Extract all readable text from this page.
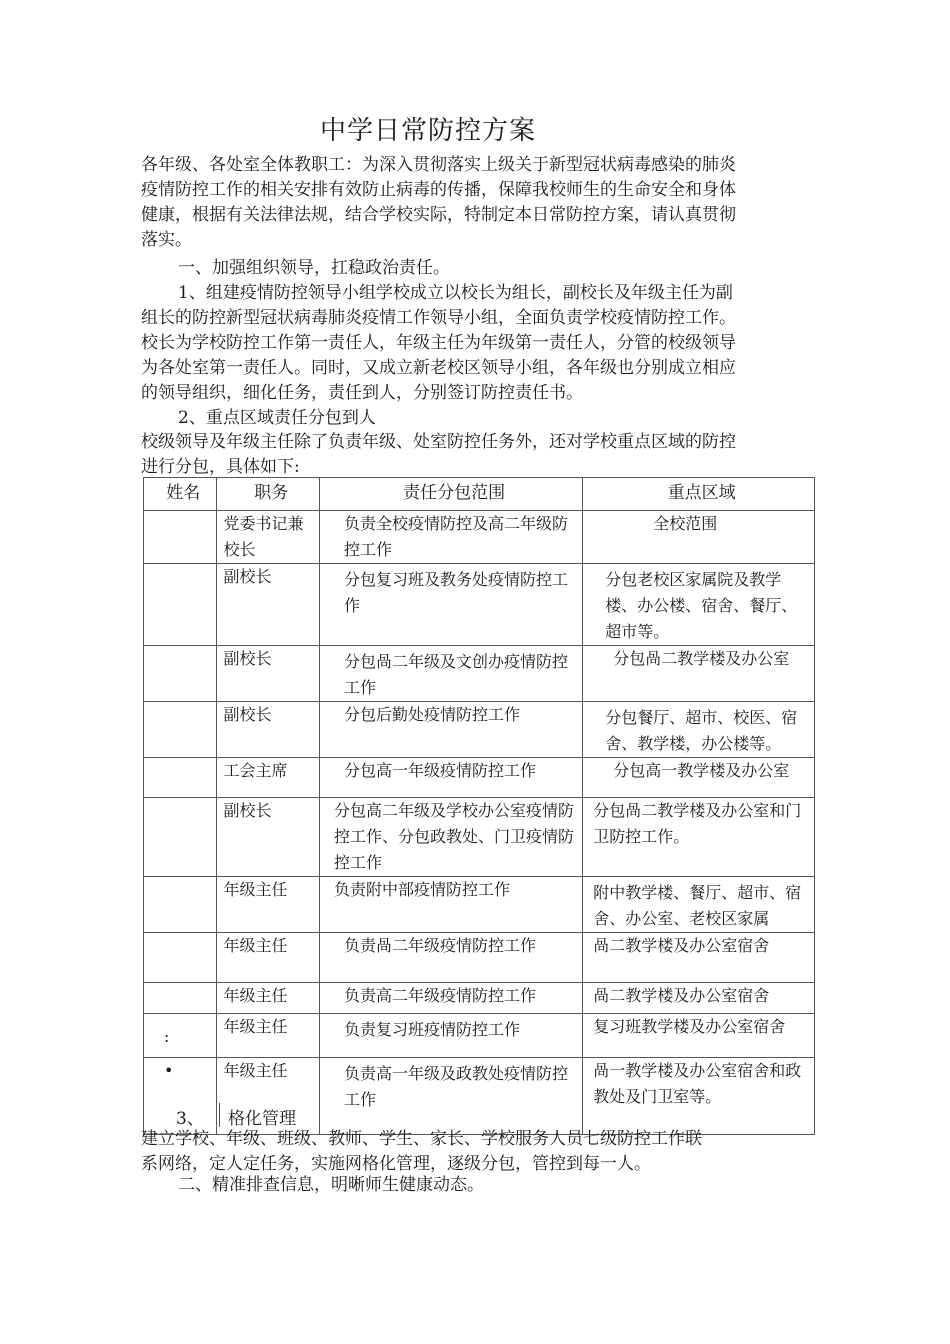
中学日常防控方案
各年级、各处室全体教职工：为深入贯彻落实上级关于新型冠状病毒感染的肺炎
疫情防控工作的相关安排有效防止病毒的传播，保障我校师生的生命安全和身体
健康，根据有关法律法规，结合学校实际，特制定本日常防控方案，请认真贯彻
落实。
一、加强组织领导，扛稳政治责任。
1、组建疫情防控领导小组学校成立以校长为组长，副校长及年级主任为副
组长的防控新型冠状病毒肺炎疫情工作领导小组，全面负责学校疫情防控工作。
校长为学校防控工作第一责任人，年级主任为年级第一责任人，分管的校级领导
为各处室第一责任人。同时，又成立新老校区领导小组，各年级也分别成立相应
的领导组织，细化任务，责任到人，分别签订防控责任书。
2、重点区域责任分包到人
校级领导及年级主任除了负责年级、处室防控任务外，还对学校重点区域的防控
进行分包，具体如下:
姓名	职务	责任分包范围	重点区域

	党委书记兼校长	负责全校疫情防控及高二年级防控工作	全校范围

	副校长	分包复习班及教务处疫情防控工作	分包老校区家属院及教学楼、办公楼、宿舍、餐厅、超市等。

	副校长	分包咼二年级及文创办疫情防控工作	分包咼二教学楼及办公室

	副校长	分包后勤处疫情防控工作	分包餐厅、超市、校医、宿舍、教学楼，办公楼等。

	工会主席	分包高一年级疫情防控工作	分包高一教学楼及办公室

	副校长	分包高二年级及学校办公室疫情防控工作、分包政教处、门卫疫情防控工作	分包咼二教学楼及办公室和门卫防控工作。

	年级主任	负责附中部疫情防控工作	附中教学楼、餐厅、超市、宿舍、办公室、老校区家属

	年级主任	负责咼二年级疫情防控工作	咼二教学楼及办公室宿舍

	年级主任	负责高二年级疫情防控工作	咼二教学楼及办公室宿舍

:	年级主任	负责复习班疫情防控工作	复习班教学楼及办公室宿舍

•	年级主任	负责高一年级及政教处疫情防控工作	咼一教学楼及办公室宿舍和政教处及门卫室等。
3、 格化管理
建立学校、年级、班级、教师、学生、家长、学校服务人员七级防控工作联
系网络，定人定任务，实施网格化管理，逐级分包，管控到每一人。
二、精准排查信息，明晰师生健康动态。
